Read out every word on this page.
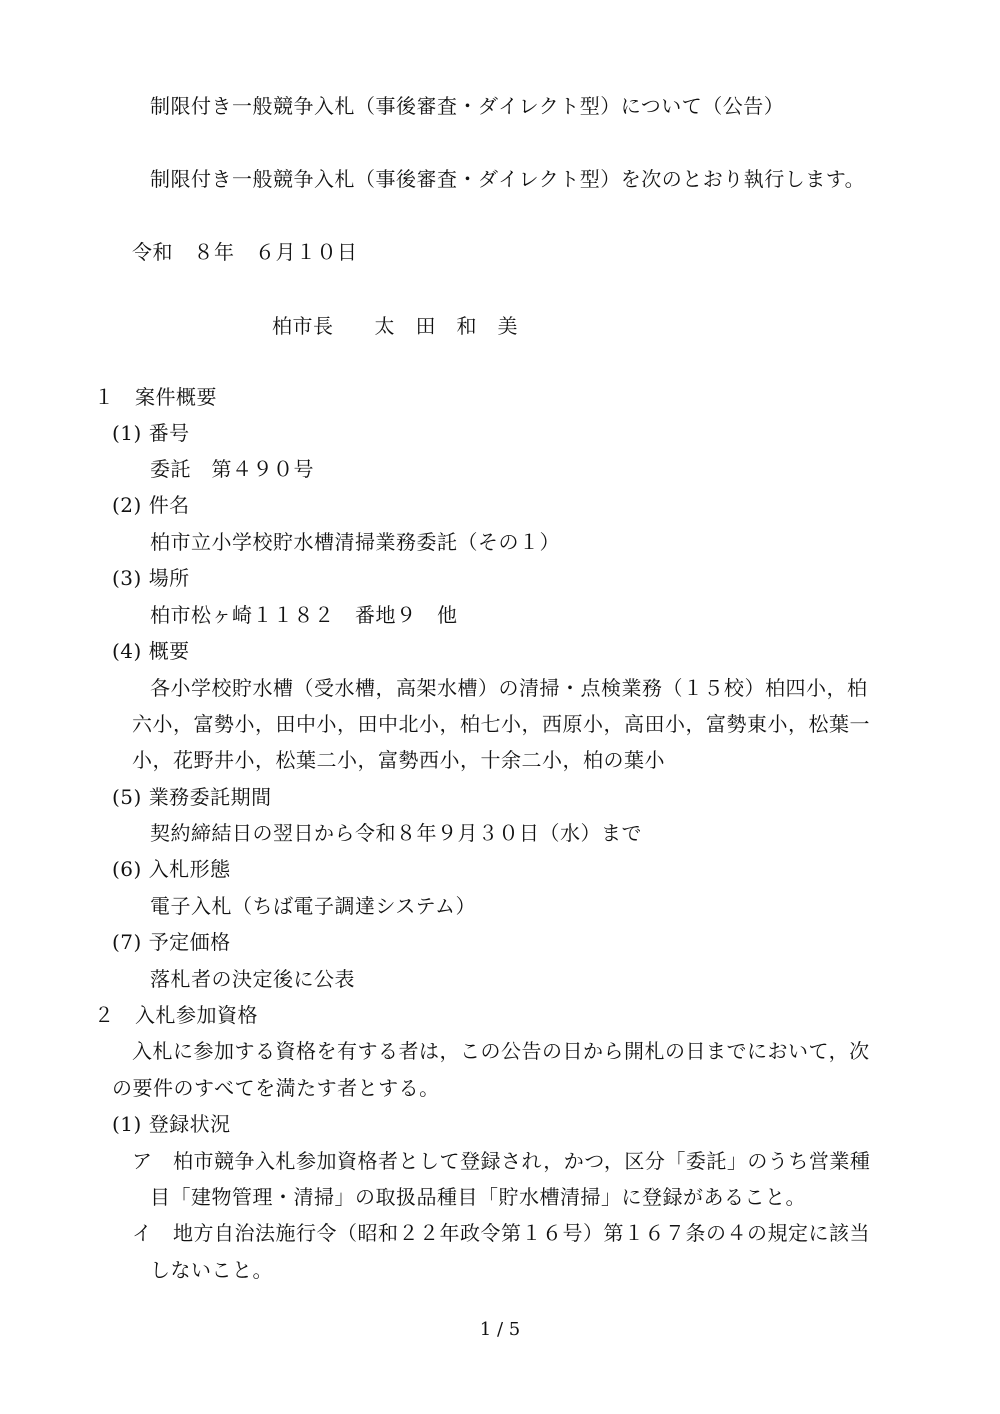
制限付き一般競争入札（事後審査・ダイレクト型）について（公告）
制限付き一般競争入札（事後審査・ダイレクト型）を次のとおり執行します。
令和　８年　６月１０日
柏市長　　太　田　和　美
１　案件概要
(1) 番号
委託　第４９０号
(2) 件名
柏市立小学校貯水槽清掃業務委託（その１）
(3) 場所
柏市松ヶ崎１１８２　番地９　他
(4) 概要
各小学校貯水槽（受水槽，高架水槽）の清掃・点検業務（１５校）柏四小，柏
六小，富勢小，田中小，田中北小，柏七小，西原小，高田小，富勢東小，松葉一
小，花野井小，松葉二小，富勢西小，十余二小，柏の葉小
(5) 業務委託期間
契約締結日の翌日から令和８年９月３０日（水）まで
(6) 入札形態
電子入札（ちば電子調達システム）
(7) 予定価格
落札者の決定後に公表
２　入札参加資格
入札に参加する資格を有する者は，この公告の日から開札の日までにおいて，次
の要件のすべてを満たす者とする。
(1) 登録状況
ア　柏市競争入札参加資格者として登録され，かつ，区分「委託」のうち営業種
目「建物管理・清掃」の取扱品種目「貯水槽清掃」に登録があること。
イ　地方自治法施行令（昭和２２年政令第１６号）第１６７条の４の規定に該当
しないこと。
1 / 5
